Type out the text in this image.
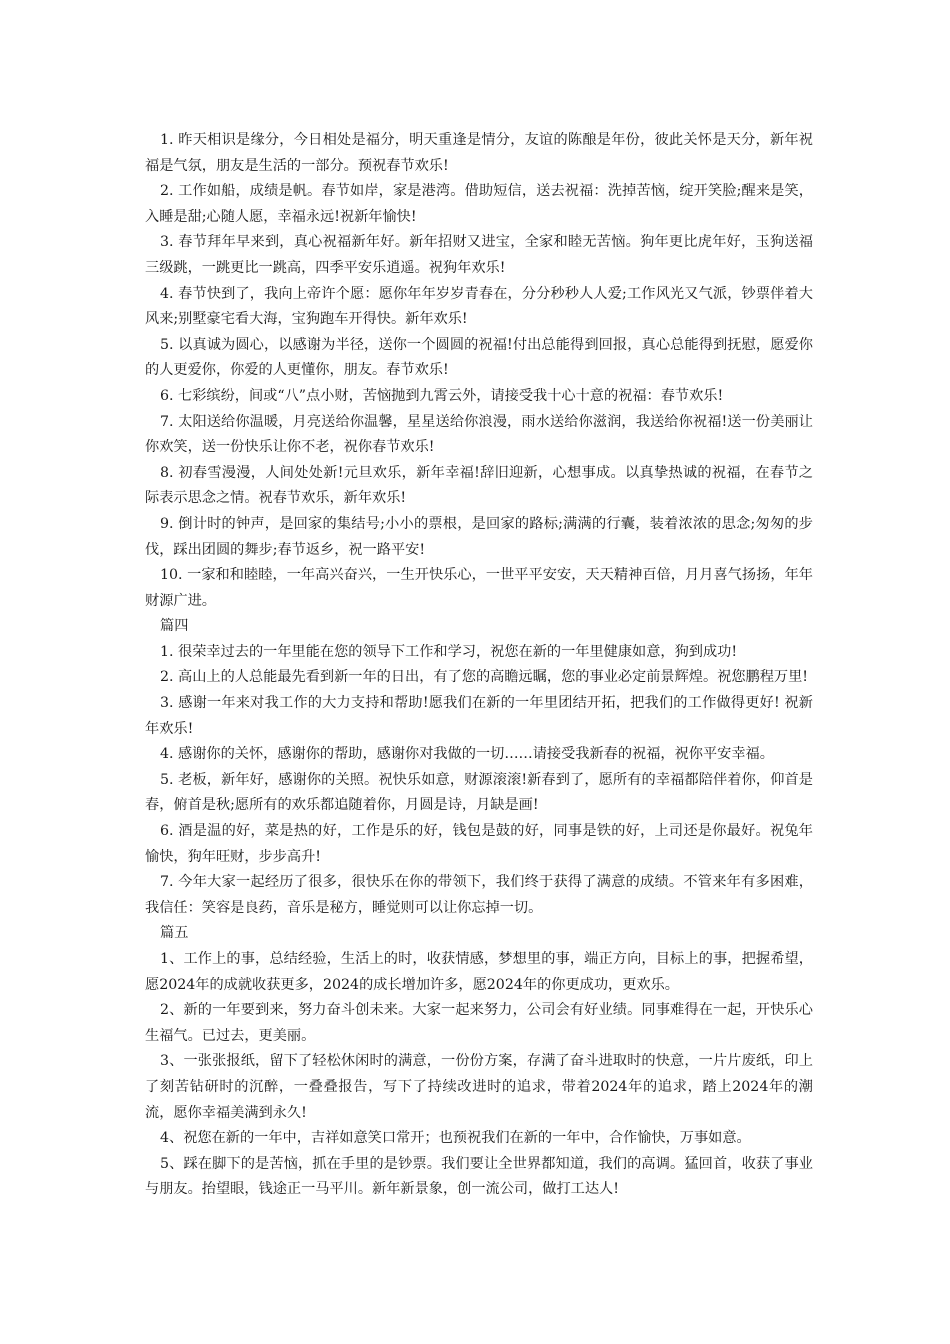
1. 昨天相识是缘分，今日相处是福分，明天重逢是情分，友谊的陈酿是年份，彼此关怀是天分，新年祝福是气氛，朋友是生活的一部分。预祝春节欢乐!

2. 工作如船，成绩是帆。春节如岸，家是港湾。借助短信，送去祝福：洗掉苦恼，绽开笑脸;醒来是笑，入睡是甜;心随人愿，幸福永远!祝新年愉快!

3. 春节拜年早来到，真心祝福新年好。新年招财又进宝，全家和睦无苦恼。狗年更比虎年好，玉狗送福三级跳，一跳更比一跳高，四季平安乐逍遥。祝狗年欢乐!

4. 春节快到了，我向上帝许个愿：愿你年年岁岁青春在，分分秒秒人人爱;工作风光又气派，钞票伴着大风来;别墅豪宅看大海，宝狗跑车开得快。新年欢乐!

5. 以真诚为圆心，以感谢为半径，送你一个圆圆的祝福!付出总能得到回报，真心总能得到抚慰，愿爱你的人更爱你，你爱的人更懂你，朋友。春节欢乐!

6. 七彩缤纷，间或“八”点小财，苦恼抛到九霄云外，请接受我十心十意的祝福：春节欢乐!

7. 太阳送给你温暖，月亮送给你温馨，星星送给你浪漫，雨水送给你滋润，我送给你祝福!送一份美丽让你欢笑，送一份快乐让你不老，祝你春节欢乐!

8. 初春雪漫漫，人间处处新!元旦欢乐，新年幸福!辞旧迎新，心想事成。以真挚热诚的祝福，在春节之际表示思念之情。祝春节欢乐，新年欢乐!

9. 倒计时的钟声，是回家的集结号;小小的票根，是回家的路标;满满的行囊，装着浓浓的思念;匆匆的步伐，踩出团圆的舞步;春节返乡，祝一路平安!

10. 一家和和睦睦，一年高兴奋兴，一生开快乐心，一世平平安安，天天精神百倍，月月喜气扬扬，年年财源广进。

篇四

1. 很荣幸过去的一年里能在您的领导下工作和学习，祝您在新的一年里健康如意，狗到成功!

2. 高山上的人总能最先看到新一年的日出，有了您的高瞻远瞩，您的事业必定前景辉煌。祝您鹏程万里!

3. 感谢一年来对我工作的大力支持和帮助!愿我们在新的一年里团结开拓，把我们的工作做得更好! 祝新年欢乐!

4. 感谢你的关怀，感谢你的帮助，感谢你对我做的一切……请接受我新春的祝福，祝你平安幸福。

5. 老板，新年好，感谢你的关照。祝快乐如意，财源滚滚!新春到了，愿所有的幸福都陪伴着你，仰首是春，俯首是秋;愿所有的欢乐都追随着你，月圆是诗，月缺是画!

6. 酒是温的好，菜是热的好，工作是乐的好，钱包是鼓的好，同事是铁的好，上司还是你最好。祝兔年愉快，狗年旺财，步步高升!

7. 今年大家一起经历了很多，很快乐在你的带领下，我们终于获得了满意的成绩。不管来年有多困难，我信任：笑容是良药，音乐是秘方，睡觉则可以让你忘掉一切。

篇五

1、工作上的事，总结经验，生活上的时，收获情感，梦想里的事，端正方向，目标上的事，把握希望，愿2024年的成就收获更多，2024的成长增加许多，愿2024年的你更成功，更欢乐。

2、新的一年要到来，努力奋斗创未来。大家一起来努力，公司会有好业绩。同事难得在一起，开快乐心生福气。已过去，更美丽。

3、一张张报纸，留下了轻松休闲时的满意，一份份方案，存满了奋斗进取时的快意，一片片废纸，印上了刻苦钻研时的沉醉，一叠叠报告，写下了持续改进时的追求，带着2024年的追求，踏上2024年的潮流，愿你幸福美满到永久!

4、祝您在新的一年中，吉祥如意笑口常开；也预祝我们在新的一年中，合作愉快，万事如意。

5、踩在脚下的是苦恼，抓在手里的是钞票。我们要让全世界都知道，我们的高调。猛回首，收获了事业与朋友。抬望眼，钱途正一马平川。新年新景象，创一流公司，做打工达人!
